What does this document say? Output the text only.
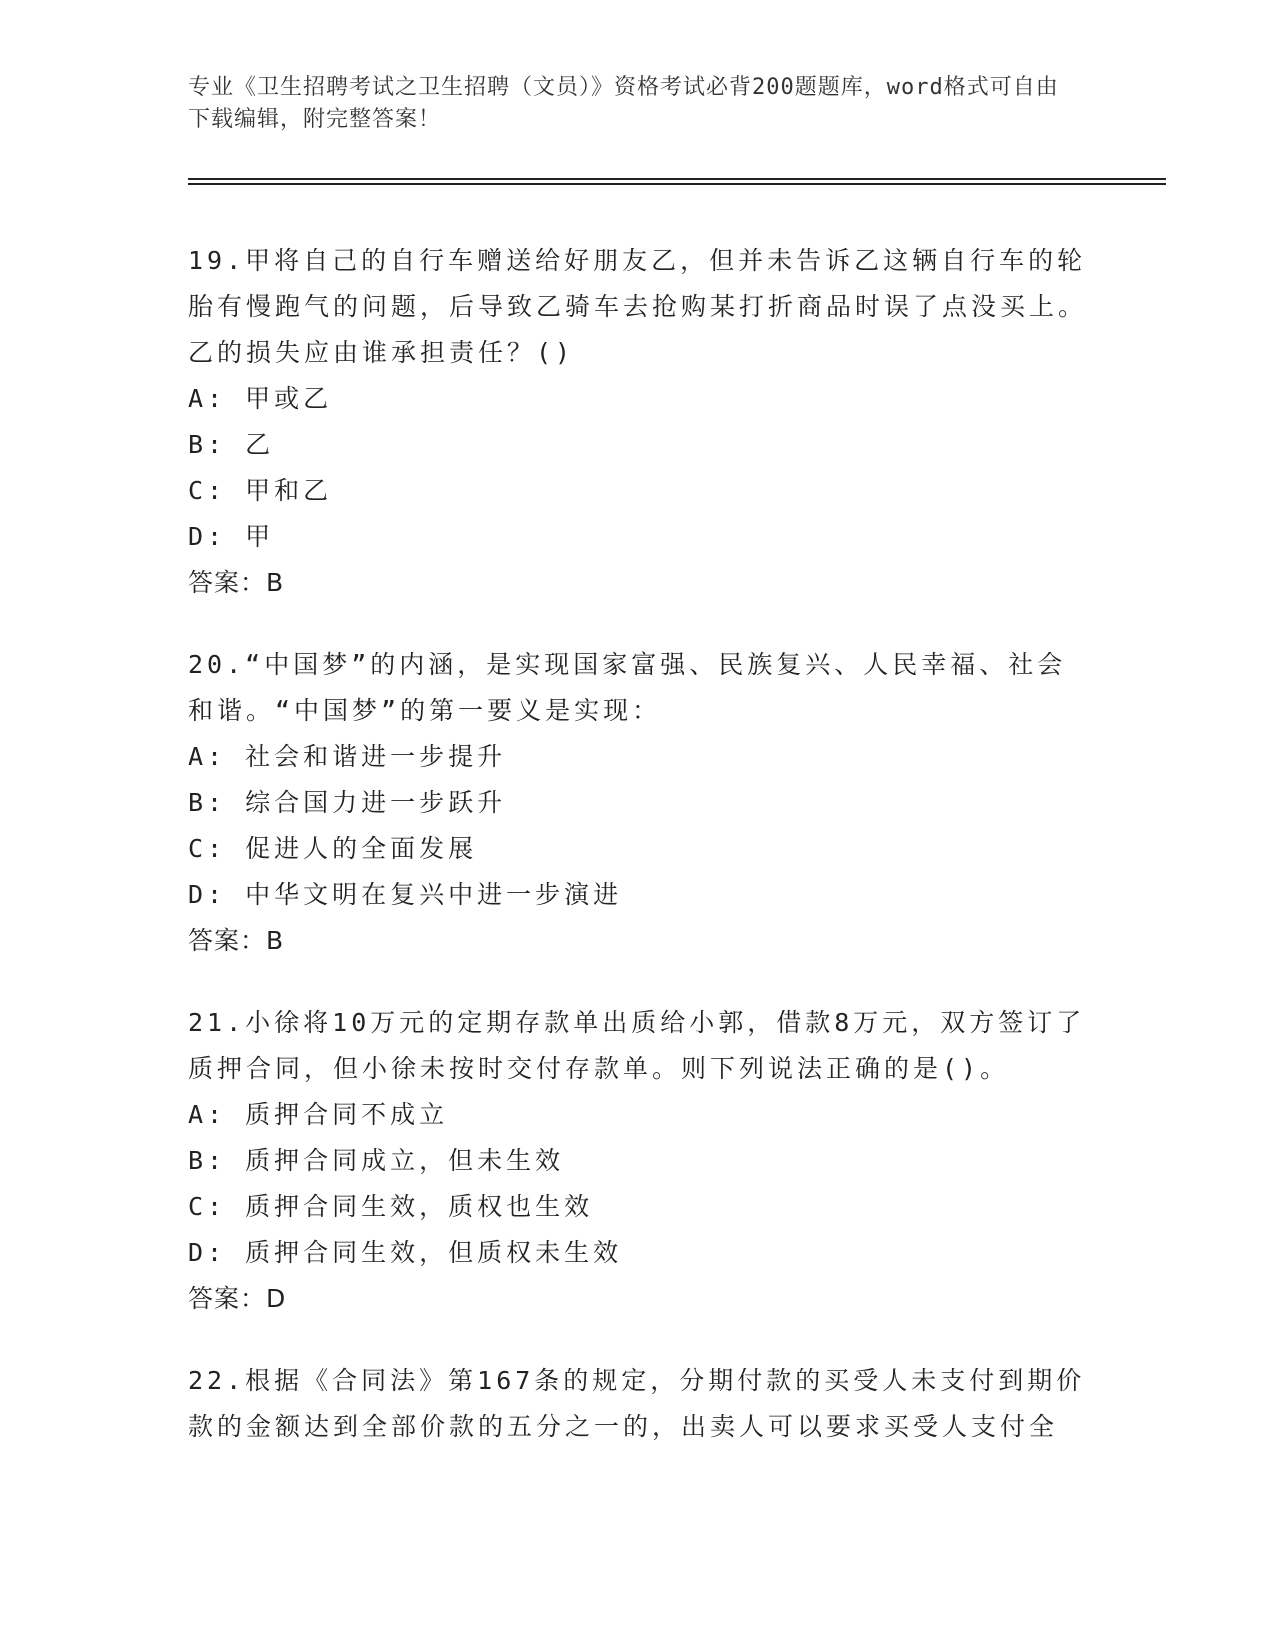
专业《卫生招聘考试之卫生招聘（文员）》资格考试必背200题题库，word格式可自由下载编辑，附完整答案！

19.甲将自己的自行车赠送给好朋友乙，但并未告诉乙这辆自行车的轮胎有慢跑气的问题，后导致乙骑车去抢购某打折商品时误了点没买上。乙的损失应由谁承担责任？()

A: 甲或乙

B: 乙

C: 甲和乙

D: 甲

答案：B

20.“中国梦”的内涵，是实现国家富强、民族复兴、人民幸福、社会和谐。“中国梦”的第一要义是实现：

A: 社会和谐进一步提升

B: 综合国力进一步跃升

C: 促进人的全面发展

D: 中华文明在复兴中进一步演进

答案：B

21.小徐将10万元的定期存款单出质给小郭，借款8万元，双方签订了质押合同，但小徐未按时交付存款单。则下列说法正确的是()。

A: 质押合同不成立

B: 质押合同成立，但未生效

C: 质押合同生效，质权也生效

D: 质押合同生效，但质权未生效

答案：D

22.根据《合同法》第167条的规定，分期付款的买受人未支付到期价款的金额达到全部价款的五分之一的，出卖人可以要求买受人支付全
